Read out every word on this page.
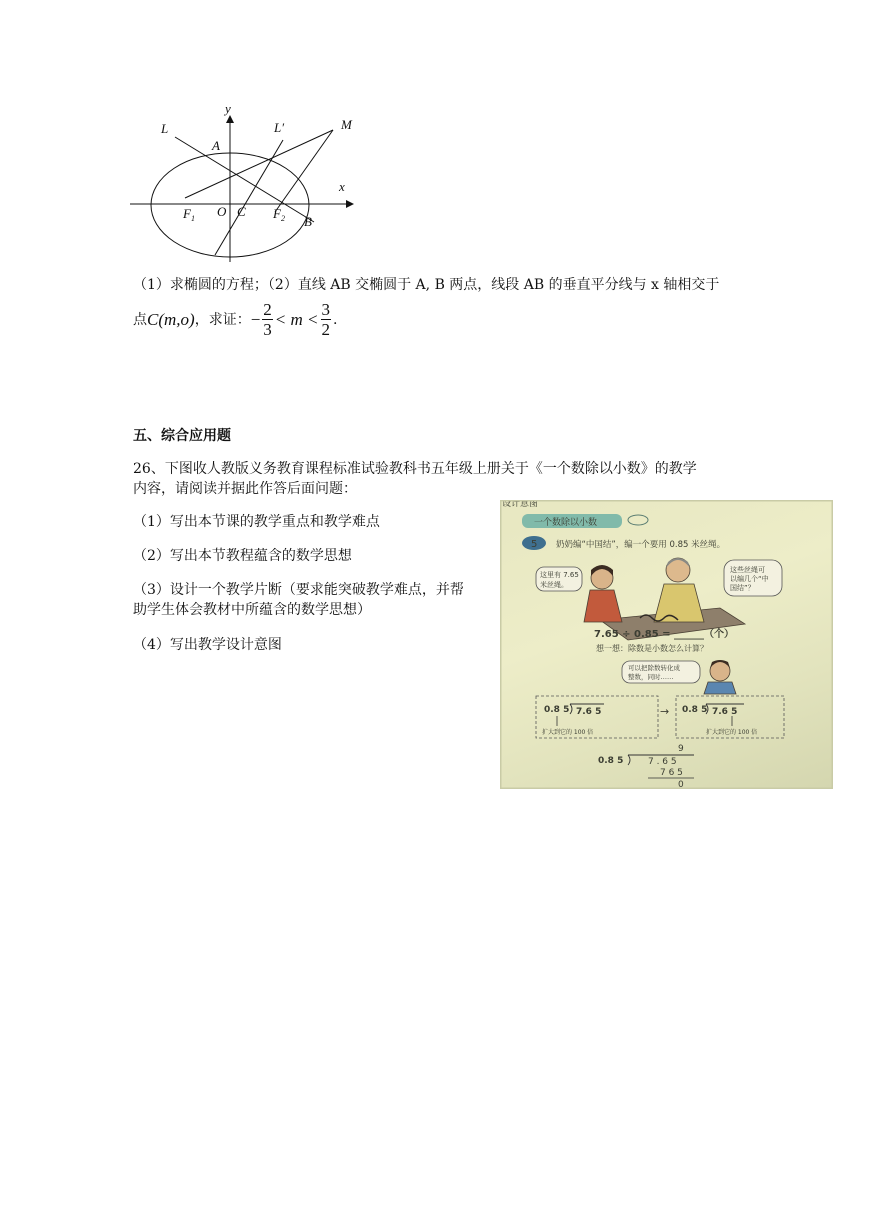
y
x
L	L′	M
A
O C
$F_1$	$F_2$ B
（1）求椭圆的方程；（2）直线 AB 交椭圆于 A, B 两点，线段 AB 的垂直平分线与 x 轴相交于
点 C(m,o) ，求证： − $\frac{2}{3} < m < \frac{3}{2}$ .
五、综合应用题
26、下图收人教版义务教育课程标准试验教科书五年级上册关于《一个数除以小数》的教学
内容，请阅读并据此作答后面问题：
（1）写出本节课的教学重点和教学难点
（2）写出本节教程蕴含的数学思想
（3）设计一个教学片断（要求能突破教学难点，并帮
助学生体会教材中所蕴含的数学思想）
（4）写出教学设计意图
设计意图
一个数除以小数
5 奶奶编“中国结”，编一个要用 0.85 米丝绳。
这里有 7.65
米丝绳。
这些丝绳可
以编几个“中
国结”？
7.65 ÷ 0.85 = ______（个）
想一想：除数是小数怎么计算？
可以把除数转化成
整数，同时……
0.8 5 7.6 5
扩大到它的 100 倍
→ 0.8 5 7.6 5
扩大到它的 100 倍
9
0.8 5	7 . 6 5
7 6 5
0
